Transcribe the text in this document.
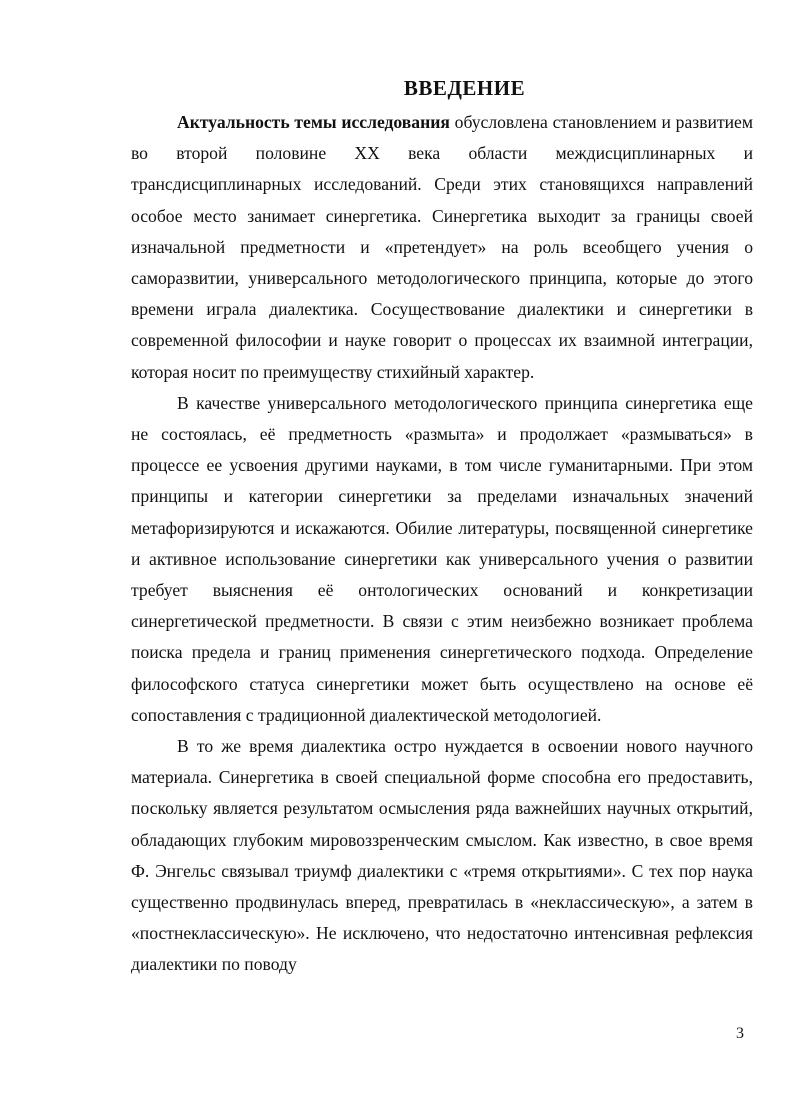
ВВЕДЕНИЕ

Актуальность темы исследования обусловлена становлением и развитием во второй половине XX века области междисциплинарных и трансдисциплинарных исследований. Среди этих становящихся направлений особое место занимает синергетика. Синергетика выходит за границы своей изначальной предметности и «претендует» на роль всеобщего учения о саморазвитии, универсального методологического принципа, которые до этого времени играла диалектика. Сосуществование диалектики и синергетики в современной философии и науке говорит о процессах их взаимной интеграции, которая носит по преимуществу стихийный характер.

В качестве универсального методологического принципа синергетика еще не состоялась, её предметность «размыта» и продолжает «размываться» в процессе ее усвоения другими науками, в том числе гуманитарными. При этом принципы и категории синергетики за пределами изначальных значений метафоризируются и искажаются. Обилие литературы, посвященной синергетике и активное использование синергетики как универсального учения о развитии требует выяснения её онтологических оснований и конкретизации синергетической предметности. В связи с этим неизбежно возникает проблема поиска предела и границ применения синергетического подхода. Определение философского статуса синергетики может быть осуществлено на основе её сопоставления с традиционной диалектической методологией.

В то же время диалектика остро нуждается в освоении нового научного материала. Синергетика в своей специальной форме способна его предоставить, поскольку является результатом осмысления ряда важнейших научных открытий, обладающих глубоким мировоззренческим смыслом. Как известно, в свое время Ф. Энгельс связывал триумф диалектики с «тремя открытиями». С тех пор наука существенно продвинулась вперед, превратилась в «неклассическую», а затем в «постнеклассическую». Не исключено, что недостаточно интенсивная рефлексия диалектики по поводу

3
